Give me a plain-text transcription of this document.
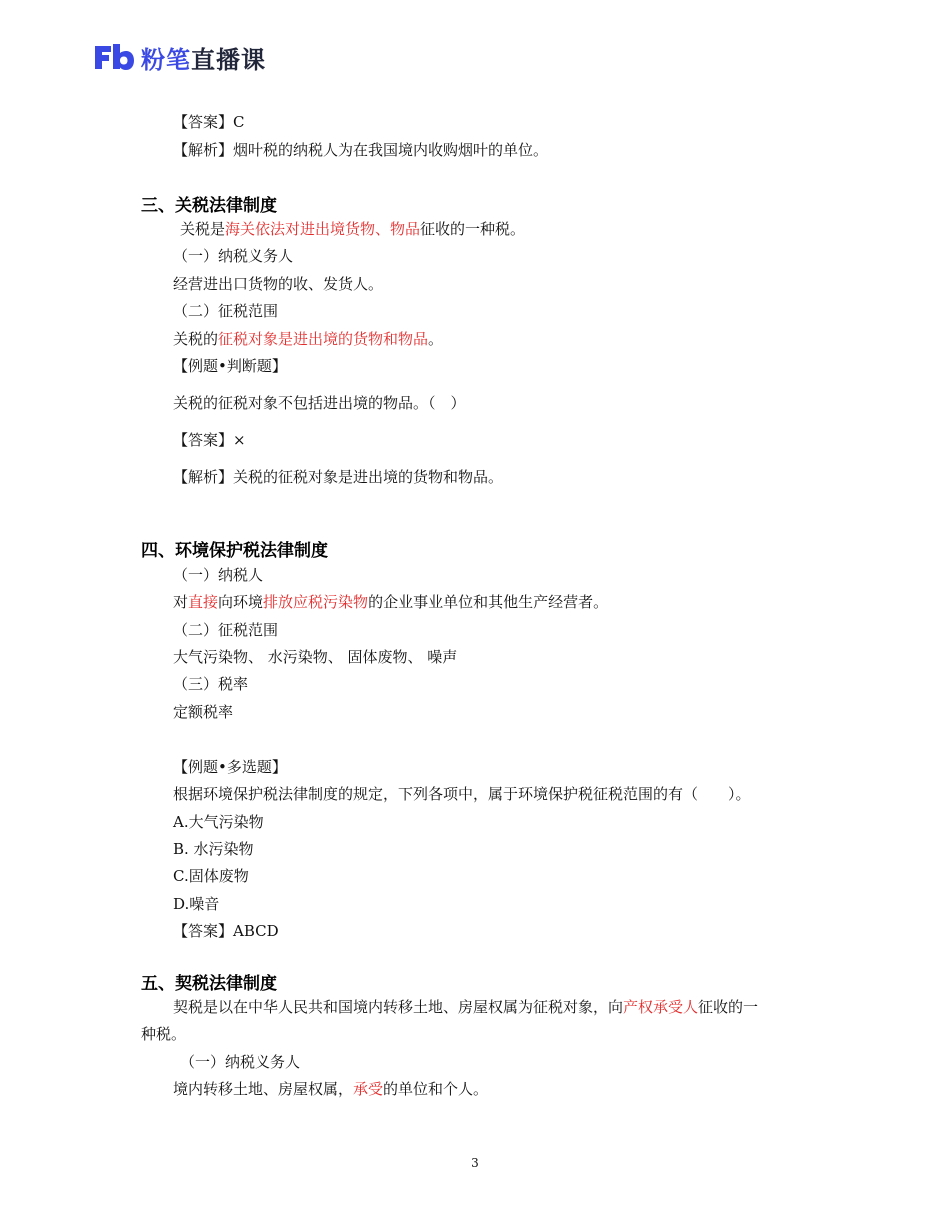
粉笔直播课
【答案】C
【解析】烟叶税的纳税人为在我国境内收购烟叶的单位。
三、关税法律制度
关税是海关依法对进出境货物、物品征收的一种税。
（一）纳税义务人
经营进出口货物的收、发货人。
（二）征税范围
关税的征税对象是进出境的货物和物品。
【例题•判断题】
关税的征税对象不包括进出境的物品。（　）
【答案】×
【解析】关税的征税对象是进出境的货物和物品。
四、环境保护税法律制度
（一）纳税人
对直接向环境排放应税污染物的企业事业单位和其他生产经营者。
（二）征税范围
大气污染物、 水污染物、 固体废物、 噪声
（三）税率
定额税率
【例题•多选题】
根据环境保护税法律制度的规定，下列各项中，属于环境保护税征税范围的有（　　）。
A.大气污染物
B. 水污染物
C.固体废物
D.噪音
【答案】ABCD
五、契税法律制度
契税是以在中华人民共和国境内转移土地、房屋权属为征税对象，向产权承受人征收的一
种税。
（一）纳税义务人
境内转移土地、房屋权属，承受的单位和个人。
3
